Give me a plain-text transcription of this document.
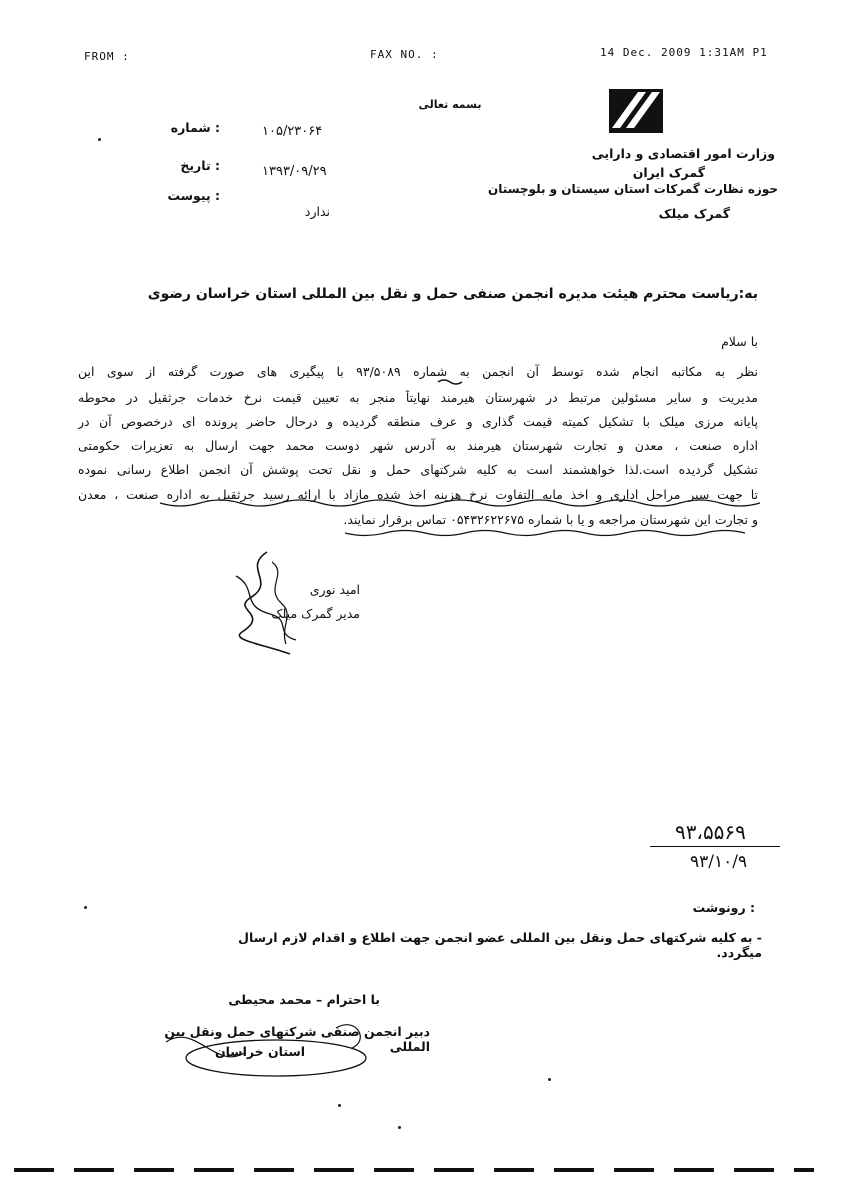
FROM :	FAX NO. :	14 Dec. 2009 1:31AM P1
بسمه تعالی
وزارت امور اقتصادی و دارایی
گمرک ایران
حوزه نظارت گمرکات استان سیستان و بلوچستان
گمرک میلک
: شماره	۱۰۵/۲۳۰۶۴
: تاریخ	۱۳۹۳/۰۹/۲۹
: پیوست
ندارد
به:ریاست محترم هیئت مدیره انجمن صنفی حمل و نقل بین المللی استان خراسان رضوی
با سلام
نظر به مکاتبه انجام شده توسط آن انجمن به شماره ۹۳/۵۰۸۹ با پیگیری های صورت گرفته از سوی این
مدیریت و سایر مسئولین مرتبط در شهرستان هیرمند نهایتاً منجر به تعیین قیمت نرخ خدمات جرثقیل در محوطه
پایانه مرزی میلک با تشکیل کمیته قیمت گذاری و عرف منطقه گردیده و درحال حاضر پرونده ای درخصوص آن در
اداره صنعت ، معدن و تجارت شهرستان هیرمند به آدرس شهر دوست محمد جهت ارسال به تعزیرات حکومتی
تشکیل گردیده است.لذا خواهشمند است به کلیه شرکتهای حمل و نقل تحت پوشش آن انجمن اطلاع رسانی نموده
تا جهت سیر مراحل اداری و اخذ مابه التفاوت نرخ هزینه اخذ شده مازاد با ارائه رسید جرثقیل به اداره صنعت ، معدن
و تجارت این شهرستان مراجعه و یا با شماره ۰۵۴۳۲۶۲۲۶۷۵ تماس برقرار نمایند.
امید نوری
مدیر گمرک میلک
۹۳،۵۵۶۹
۹۳/۱۰/۹
: رونوشت
- به کلیه شرکتهای حمل ونقل بین المللی عضو انجمن جهت اطلاع و اقدام لازم ارسال میگردد.
با احترام – محمد محیطی
دبیر انجمن صنفی شرکتهای حمل ونقل بین المللی
استان خراسان
